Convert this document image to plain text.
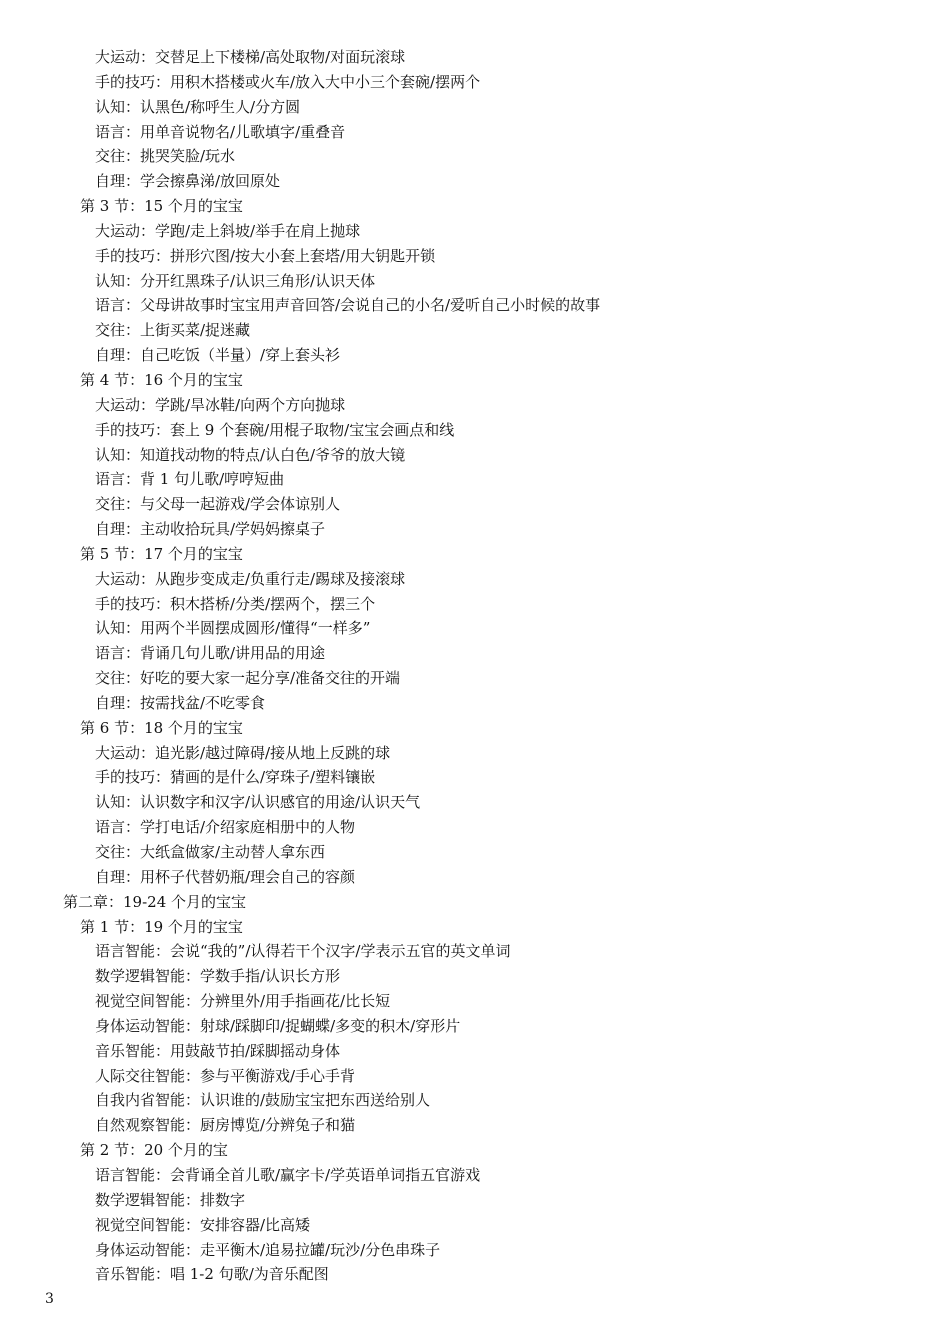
大运动：交替足上下楼梯/高处取物/对面玩滚球
手的技巧：用积木搭楼或火车/放入大中小三个套碗/摆两个
认知：认黑色/称呼生人/分方圆
语言：用单音说物名/儿歌填字/重叠音
交往：挑哭笑脸/玩水
自理：学会擦鼻涕/放回原处
第 3 节：15 个月的宝宝
大运动：学跑/走上斜坡/举手在肩上抛球
手的技巧：拼形穴图/按大小套上套塔/用大钥匙开锁
认知：分开红黑珠子/认识三角形/认识天体
语言：父母讲故事时宝宝用声音回答/会说自己的小名/爱听自己小时候的故事
交往：上街买菜/捉迷藏
自理：自己吃饭（半量）/穿上套头衫
第 4 节：16 个月的宝宝
大运动：学跳/旱冰鞋/向两个方向抛球
手的技巧：套上 9 个套碗/用棍子取物/宝宝会画点和线
认知：知道找动物的特点/认白色/爷爷的放大镜
语言：背 1 句儿歌/哼哼短曲
交往：与父母一起游戏/学会体谅别人
自理：主动收拾玩具/学妈妈擦桌子
第 5 节：17 个月的宝宝
大运动：从跑步变成走/负重行走/踢球及接滚球
手的技巧：积木搭桥/分类/摆两个，摆三个
认知：用两个半圆摆成圆形/懂得“一样多”
语言：背诵几句儿歌/讲用品的用途
交往：好吃的要大家一起分享/准备交往的开端
自理：按需找盆/不吃零食
第 6 节：18 个月的宝宝
大运动：追光影/越过障碍/接从地上反跳的球
手的技巧：猜画的是什么/穿珠子/塑料镶嵌
认知：认识数字和汉字/认识感官的用途/认识天气
语言：学打电话/介绍家庭相册中的人物
交往：大纸盒做家/主动替人拿东西
自理：用杯子代替奶瓶/理会自己的容颜
第二章：19-24 个月的宝宝
第 1 节：19 个月的宝宝
语言智能：会说“我的”/认得若干个汉字/学表示五官的英文单词
数学逻辑智能：学数手指/认识长方形
视觉空间智能：分辨里外/用手指画花/比长短
身体运动智能：射球/踩脚印/捉蝴蝶/多变的积木/穿形片
音乐智能：用鼓敲节拍/踩脚摇动身体
人际交往智能：参与平衡游戏/手心手背
自我内省智能：认识谁的/鼓励宝宝把东西送给别人
自然观察智能：厨房博览/分辨兔子和猫
第 2 节：20 个月的宝
语言智能：会背诵全首儿歌/赢字卡/学英语单词指五官游戏
数学逻辑智能：排数字
视觉空间智能：安排容器/比高矮
身体运动智能：走平衡木/追易拉罐/玩沙/分色串珠子
音乐智能：唱 1-2 句歌/为音乐配图
3
